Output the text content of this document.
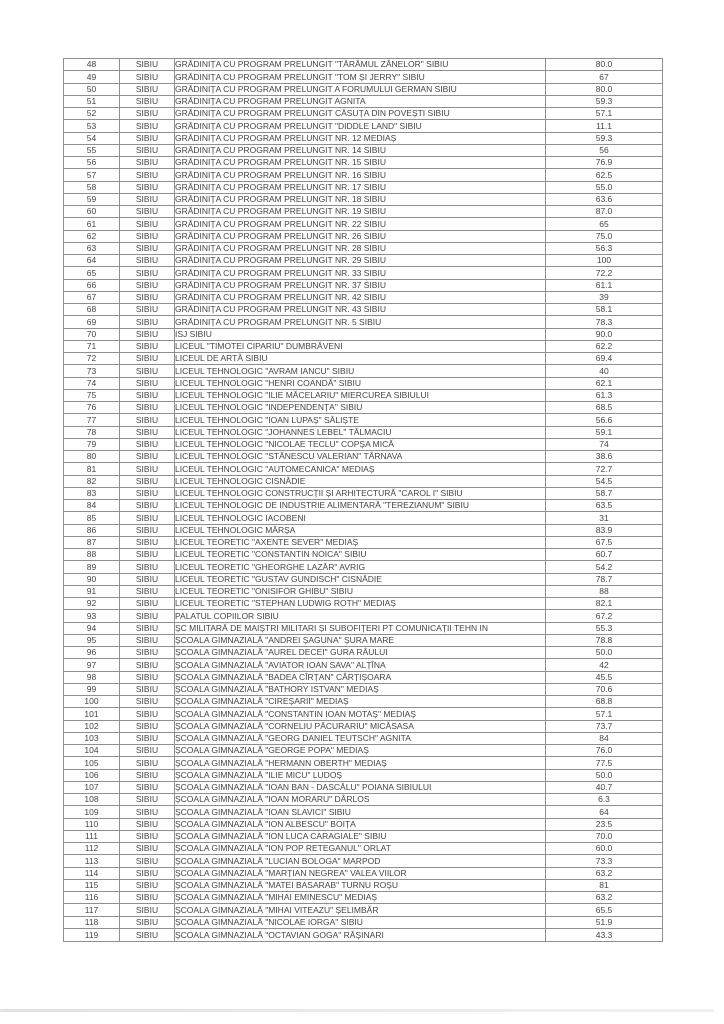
48	SIBIU	GRĂDINIȚA CU PROGRAM PRELUNGIT "TĂRÂMUL ZÂNELOR" SIBIU	80.0
49	SIBIU	GRĂDINIȚA CU PROGRAM PRELUNGIT "TOM ȘI JERRY" SIBIU	67
50	SIBIU	GRĂDINIȚA CU PROGRAM PRELUNGIT A FORUMULUI GERMAN SIBIU	80.0
51	SIBIU	GRĂDINIȚA CU PROGRAM PRELUNGIT AGNITA	59.3
52	SIBIU	GRĂDINIȚA CU PROGRAM PRELUNGIT CĂSUȚA DIN POVEȘTI SIBIU	57.1
53	SIBIU	GRĂDINIȚA CU PROGRAM PRELUNGIT "DIDDLE LAND" SIBIU	11.1
54	SIBIU	GRĂDINIȚA CU PROGRAM PRELUNGIT NR. 12 MEDIAȘ	59.3
55	SIBIU	GRĂDINIȚA CU PROGRAM PRELUNGIT NR. 14 SIBIU	56
56	SIBIU	GRĂDINIȚA CU PROGRAM PRELUNGIT NR. 15 SIBIU	76.9
57	SIBIU	GRĂDINIȚA CU PROGRAM PRELUNGIT NR. 16 SIBIU	62.5
58	SIBIU	GRĂDINIȚA CU PROGRAM PRELUNGIT NR. 17 SIBIU	55.0
59	SIBIU	GRĂDINIȚA CU PROGRAM PRELUNGIT NR. 18 SIBIU	63.6
60	SIBIU	GRĂDINIȚA CU PROGRAM PRELUNGIT NR. 19 SIBIU	87.0
61	SIBIU	GRĂDINIȚA CU PROGRAM PRELUNGIT NR. 22 SIBIU	65
62	SIBIU	GRĂDINIȚA CU PROGRAM PRELUNGIT NR. 26 SIBIU	75.0
63	SIBIU	GRĂDINIȚA CU PROGRAM PRELUNGIT NR. 28 SIBIU	56.3
64	SIBIU	GRĂDINIȚA CU PROGRAM PRELUNGIT NR. 29 SIBIU	100
65	SIBIU	GRĂDINIȚA CU PROGRAM PRELUNGIT NR. 33 SIBIU	72.2
66	SIBIU	GRĂDINIȚA CU PROGRAM PRELUNGIT NR. 37 SIBIU	61.1
67	SIBIU	GRĂDINIȚA CU PROGRAM PRELUNGIT NR. 42 SIBIU	39
68	SIBIU	GRĂDINIȚA CU PROGRAM PRELUNGIT NR. 43 SIBIU	58.1
69	SIBIU	GRĂDINIȚA CU PROGRAM PRELUNGIT NR. 5 SIBIU	78.3
70	SIBIU	ISJ SIBIU	90.0
71	SIBIU	LICEUL "TIMOTEI CIPARIU" DUMBRĂVENI	62.2
72	SIBIU	LICEUL DE ARTĂ SIBIU	69.4
73	SIBIU	LICEUL TEHNOLOGIC "AVRAM IANCU" SIBIU	40
74	SIBIU	LICEUL TEHNOLOGIC "HENRI COANDĂ" SIBIU	62.1
75	SIBIU	LICEUL TEHNOLOGIC "ILIE MĂCELARIU" MIERCUREA SIBIULUI	61.3
76	SIBIU	LICEUL TEHNOLOGIC "INDEPENDENȚA" SIBIU	68.5
77	SIBIU	LICEUL TEHNOLOGIC "IOAN LUPAȘ" SĂLIȘTE	56.6
78	SIBIU	LICEUL TEHNOLOGIC "JOHANNES LEBEL" TĂLMACIU	59.1
79	SIBIU	LICEUL TEHNOLOGIC "NICOLAE TECLU" COPȘA MICĂ	74
80	SIBIU	LICEUL TEHNOLOGIC "STĂNESCU VALERIAN" TÂRNAVA	38.6
81	SIBIU	LICEUL TEHNOLOGIC "AUTOMECANICA" MEDIAȘ	72.7
82	SIBIU	LICEUL TEHNOLOGIC CISNĂDIE	54.5
83	SIBIU	LICEUL TEHNOLOGIC CONSTRUCȚII ȘI ARHITECTURĂ "CAROL I" SIBIU	58.7
84	SIBIU	LICEUL TEHNOLOGIC DE INDUSTRIE ALIMENTARĂ "TEREZIANUM" SIBIU	63.5
85	SIBIU	LICEUL TEHNOLOGIC IACOBENI	31
86	SIBIU	LICEUL TEHNOLOGIC MÂRȘA	83.9
87	SIBIU	LICEUL TEORETIC "AXENTE SEVER" MEDIAȘ	67.5
88	SIBIU	LICEUL TEORETIC "CONSTANTIN NOICA" SIBIU	60.7
89	SIBIU	LICEUL TEORETIC "GHEORGHE LAZĂR" AVRIG	54.2
90	SIBIU	LICEUL TEORETIC "GUSTAV GUNDISCH" CISNĂDIE	78.7
91	SIBIU	LICEUL TEORETIC "ONISIFOR GHIBU" SIBIU	88
92	SIBIU	LICEUL TEORETIC "STEPHAN LUDWIG ROTH" MEDIAȘ	82.1
93	SIBIU	PALATUL COPIILOR SIBIU	67.2
94	SIBIU	ȘC MILITARĂ DE MAIȘTRI MILITARI ȘI SUBOFIȚERI PT COMUNICAȚII TEHN IN	55.3
95	SIBIU	ȘCOALA GIMNAZIALĂ "ANDREI ȘAGUNA" ȘURA MARE	78.8
96	SIBIU	ȘCOALA GIMNAZIALĂ "AUREL DECEI" GURA RÂULUI	50.0
97	SIBIU	ȘCOALA GIMNAZIALĂ "AVIATOR IOAN SAVA" ALȚÎNA	42
98	SIBIU	ȘCOALA GIMNAZIALĂ "BADEA CÎRȚAN" CÂRȚIȘOARA	45.5
99	SIBIU	ȘCOALA GIMNAZIALĂ "BATHORY ISTVAN" MEDIAȘ	70.6
100	SIBIU	ȘCOALA GIMNAZIALĂ "CIREȘARII" MEDIAȘ	68.8
101	SIBIU	ȘCOALA GIMNAZIALĂ "CONSTANTIN IOAN MOTAȘ" MEDIAȘ	57.1
102	SIBIU	ȘCOALA GIMNAZIALĂ "CORNELIU PĂCURARIU" MICĂSASA	73.7
103	SIBIU	ȘCOALA GIMNAZIALĂ "GEORG DANIEL TEUTSCH" AGNITA	84
104	SIBIU	ȘCOALA GIMNAZIALĂ "GEORGE POPA" MEDIAȘ	76.0
105	SIBIU	ȘCOALA GIMNAZIALĂ "HERMANN OBERTH" MEDIAȘ	77.5
106	SIBIU	ȘCOALA GIMNAZIALĂ "ILIE MICU" LUDOȘ	50.0
107	SIBIU	ȘCOALA GIMNAZIALĂ "IOAN BAN - DASCĂLU" POIANA SIBIULUI	40.7
108	SIBIU	ȘCOALA GIMNAZIALĂ "IOAN MORARU" DÂRLOS	6.3
109	SIBIU	ȘCOALA GIMNAZIALĂ "IOAN SLAVICI" SIBIU	64
110	SIBIU	ȘCOALA GIMNAZIALĂ "ION ALBESCU" BOIȚA	23.5
111	SIBIU	ȘCOALA GIMNAZIALĂ "ION LUCA CARAGIALE" SIBIU	70.0
112	SIBIU	ȘCOALA GIMNAZIALĂ "ION POP RETEGANUL" ORLAT	60.0
113	SIBIU	ȘCOALA GIMNAZIALĂ "LUCIAN BOLOGA" MARPOD	73.3
114	SIBIU	ȘCOALA GIMNAZIALĂ "MARȚIAN NEGREA" VALEA VIILOR	63.2
115	SIBIU	ȘCOALA GIMNAZIALĂ "MATEI BASARAB" TURNU ROȘU	81
116	SIBIU	ȘCOALA GIMNAZIALĂ "MIHAI EMINESCU" MEDIAȘ	63.2
117	SIBIU	ȘCOALA GIMNAZIALĂ "MIHAI VITEAZU" ȘELIMBĂR	65.5
118	SIBIU	ȘCOALA GIMNAZIALĂ "NICOLAE IORGA" SIBIU	51.9
119	SIBIU	ȘCOALA GIMNAZIALĂ "OCTAVIAN GOGA" RĂȘINARI	43.3
